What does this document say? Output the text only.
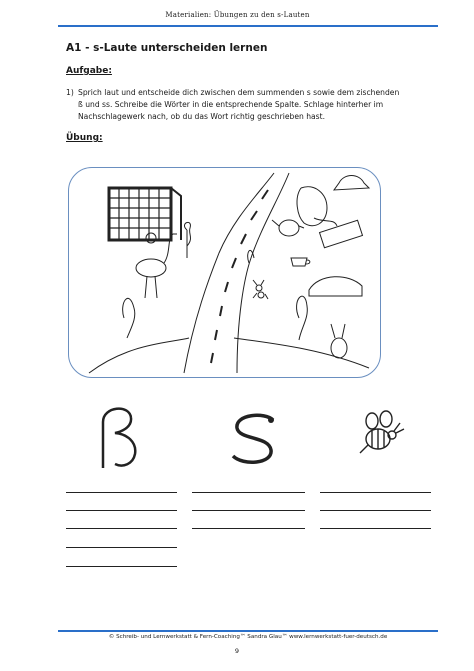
Materialien: Übungen zu den s-Lauten
A1 - s-Laute unterscheiden lernen
Aufgabe:
1) Sprich laut und entscheide dich zwischen dem summenden s sowie dem zischenden
ß und ss. Schreibe die Wörter in die entsprechende Spalte. Schlage hinterher im
Nachschlagewerk nach, ob du das Wort richtig geschrieben hast.
Übung:
© Schreib- und Lernwerkstatt & Fern-Coaching™ Sandra Glau™ www.lernwerkstatt-fuer-deutsch.de
9
